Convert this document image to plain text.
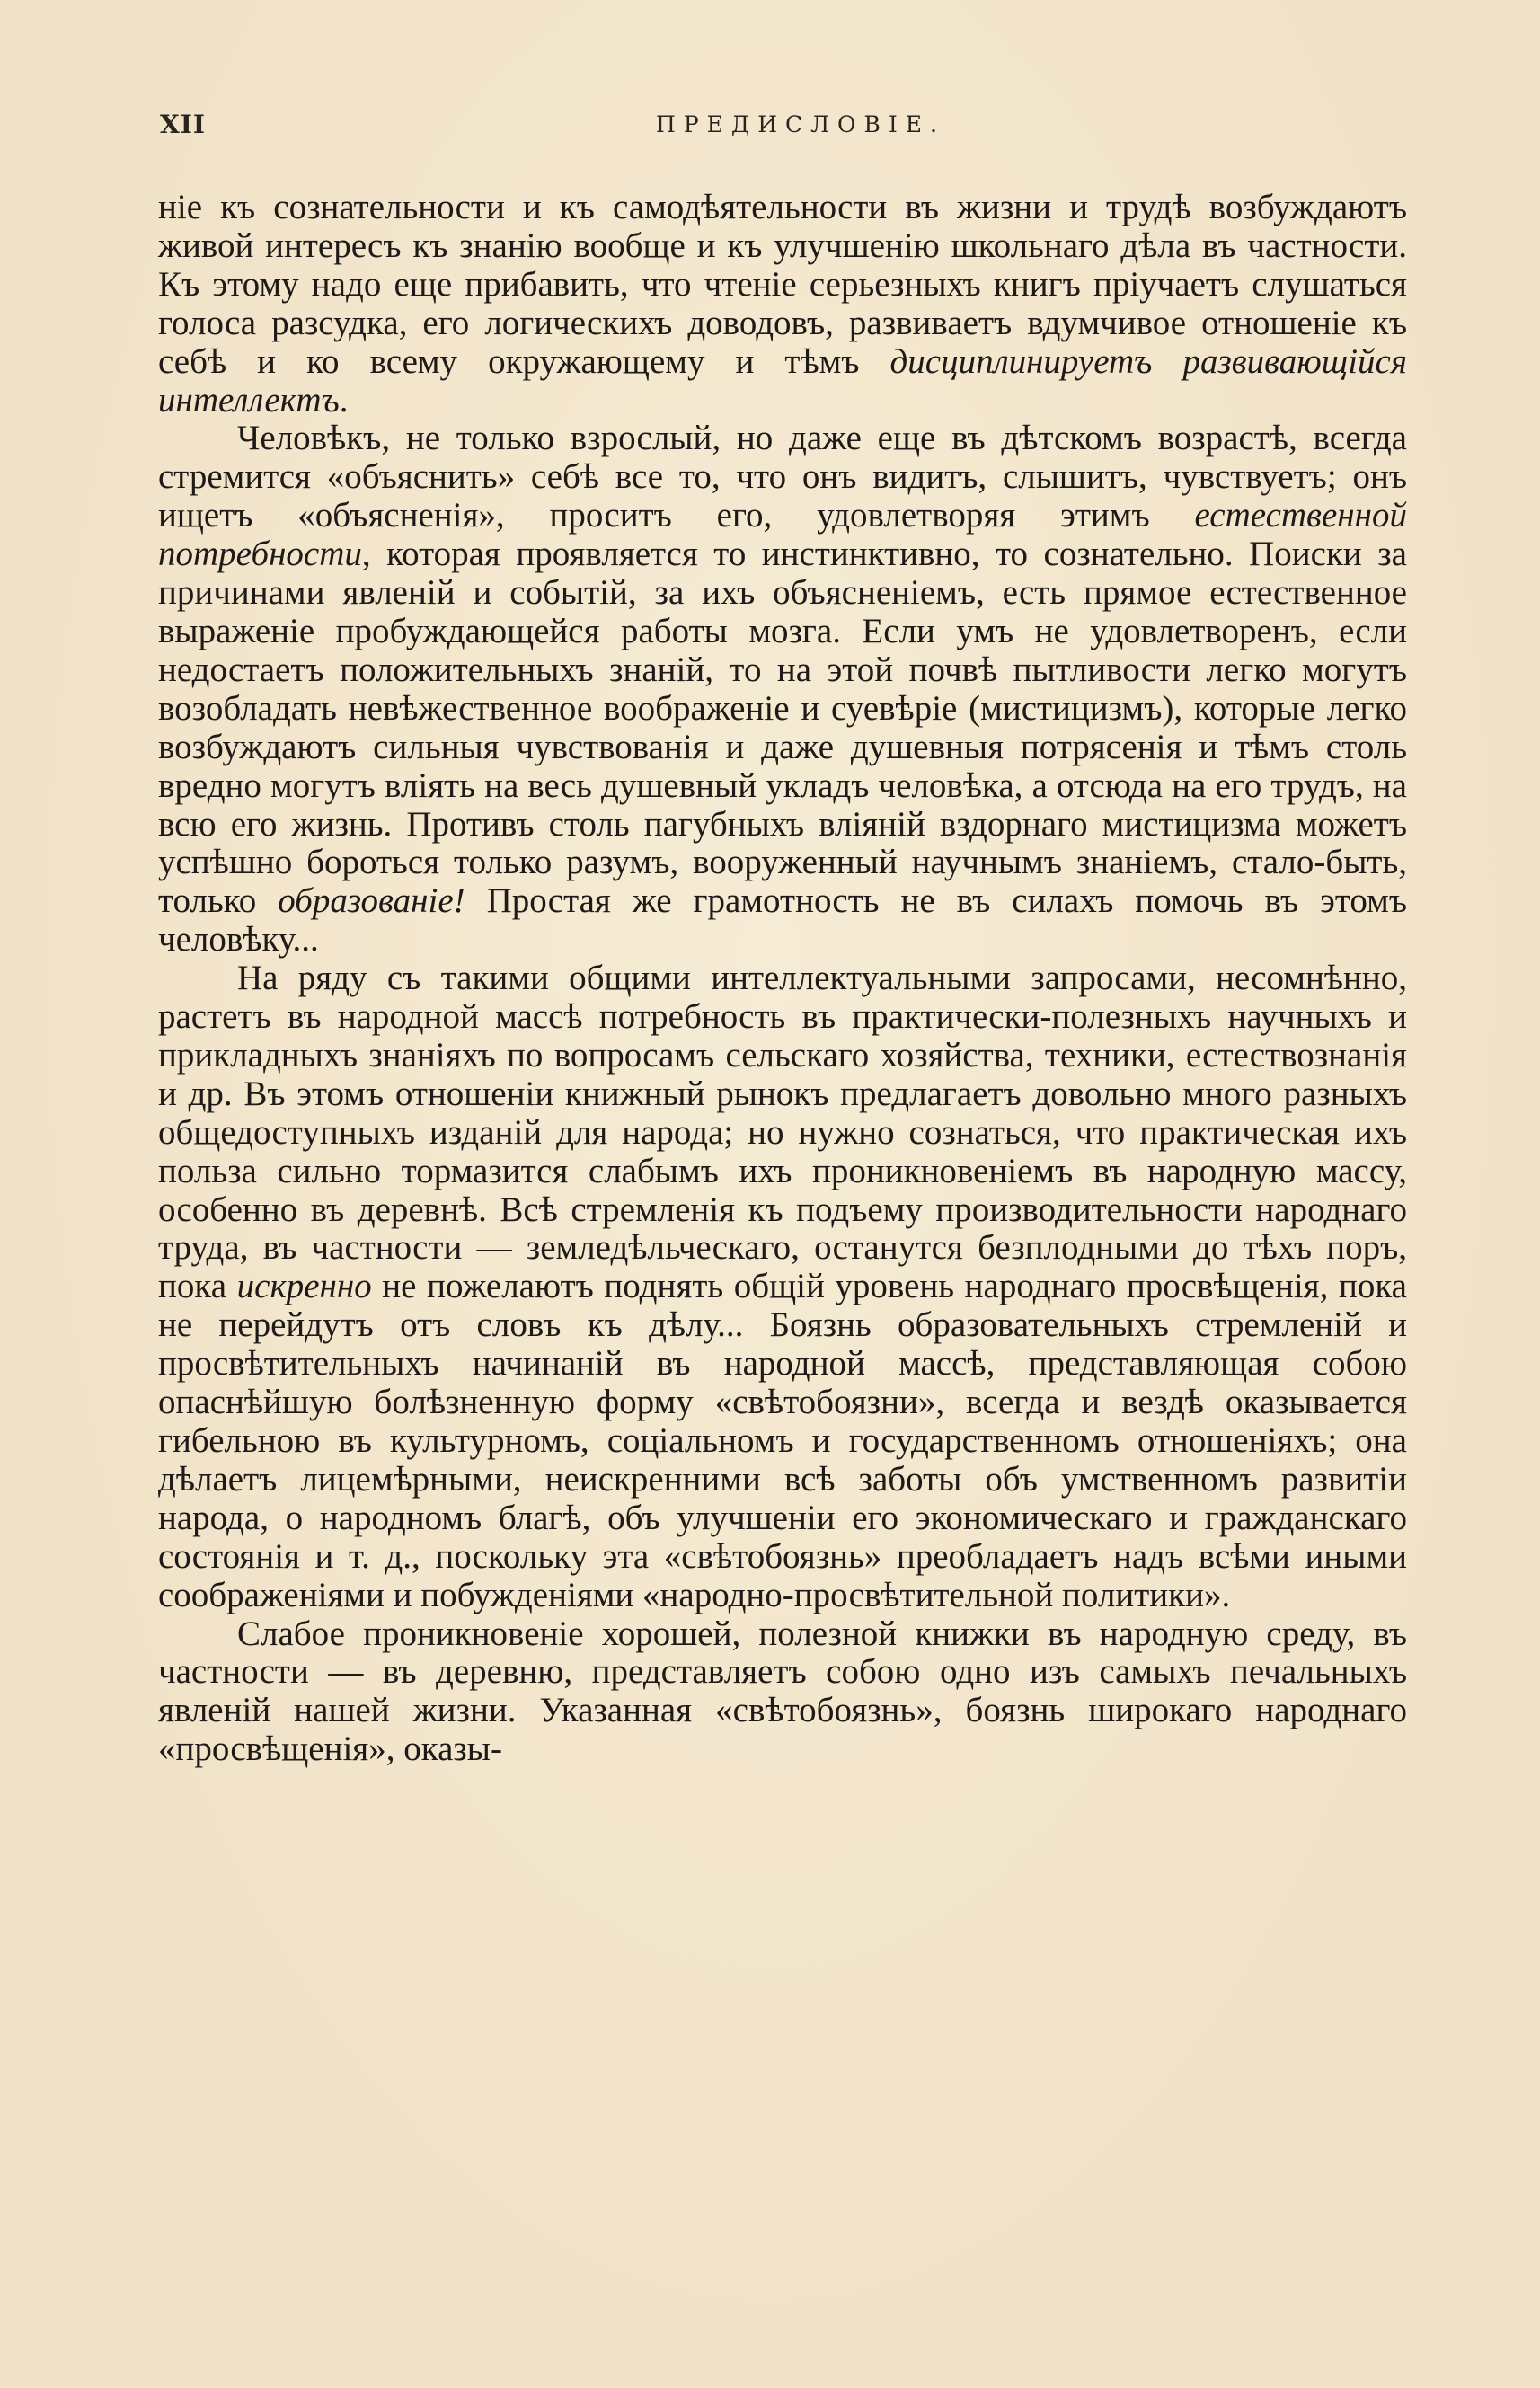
XII	ПРЕДИСЛОВІЕ.

ніе къ сознательности и къ самодѣятельности въ жизни и трудѣ возбуждаютъ живой интересъ къ знанію вообще и къ улучшенію школьнаго дѣла въ частности. Къ этому надо еще прибавить, что чтеніе серьезныхъ книгъ пріучаетъ слушаться голоса разсудка, его логическихъ доводовъ, развиваетъ вдумчивое отношеніе къ себѣ и ко всему окружающему и тѣмъ дисциплинируетъ развивающійся интеллектъ.

Человѣкъ, не только взрослый, но даже еще въ дѣтскомъ возрастѣ, всегда стремится «объяснить» себѣ все то, что онъ видитъ, слышитъ, чувствуетъ; онъ ищетъ «объясненія», проситъ его, удовлетворяя этимъ естественной потребности, которая проявляется то инстинктивно, то сознательно. Поиски за причинами явленій и событій, за ихъ объясненіемъ, есть прямое естественное выраженіе пробуждающейся работы мозга. Если умъ не удовлетворенъ, если недостаетъ положительныхъ знаній, то на этой почвѣ пытливости легко могутъ возобладать невѣжественное воображеніе и суевѣріе (мистицизмъ), которые легко возбуждаютъ сильныя чувствованія и даже душевныя потрясенія и тѣмъ столь вредно могутъ вліять на весь душевный укладъ человѣка, а отсюда на его трудъ, на всю его жизнь. Противъ столь пагубныхъ вліяній вздорнаго мистицизма можетъ успѣшно бороться только разумъ, вооруженный научнымъ знаніемъ, стало-быть, только образованіе! Простая же грамотность не въ силахъ помочь въ этомъ человѣку...

На ряду съ такими общими интеллектуальными запросами, несомнѣнно, растетъ въ народной массѣ потребность въ практически-полезныхъ научныхъ и прикладныхъ знаніяхъ по вопросамъ сельскаго хозяйства, техники, естествознанія и др. Въ этомъ отношеніи книжный рынокъ предлагаетъ довольно много разныхъ общедоступныхъ изданій для народа; но нужно сознаться, что практическая ихъ польза сильно тормазится слабымъ ихъ проникновеніемъ въ народную массу, особенно въ деревнѣ. Всѣ стремленія къ подъему производительности народнаго труда, въ частности — земледѣльческаго, останутся безплодными до тѣхъ поръ, пока искренно не пожелаютъ поднять общій уровень народнаго просвѣщенія, пока не перейдутъ отъ словъ къ дѣлу... Боязнь образовательныхъ стремленій и просвѣтительныхъ начинаній въ народной массѣ, представляющая собою опаснѣйшую болѣзненную форму «свѣтобоязни», всегда и вездѣ оказывается гибельною въ культурномъ, соціальномъ и государственномъ отношеніяхъ; она дѣлаетъ лицемѣрными, неискренними всѣ заботы объ умственномъ развитіи народа, о народномъ благѣ, объ улучшеніи его экономическаго и гражданскаго состоянія и т. д., поскольку эта «свѣтобоязнь» преобладаетъ надъ всѣми иными соображеніями и побужденіями «народно-просвѣтительной политики».

Слабое проникновеніе хорошей, полезной книжки въ народную среду, въ частности — въ деревню, представляетъ собою одно изъ самыхъ печальныхъ явленій нашей жизни. Указанная «свѣтобоязнь», боязнь широкаго народнаго «просвѣщенія», оказы-
